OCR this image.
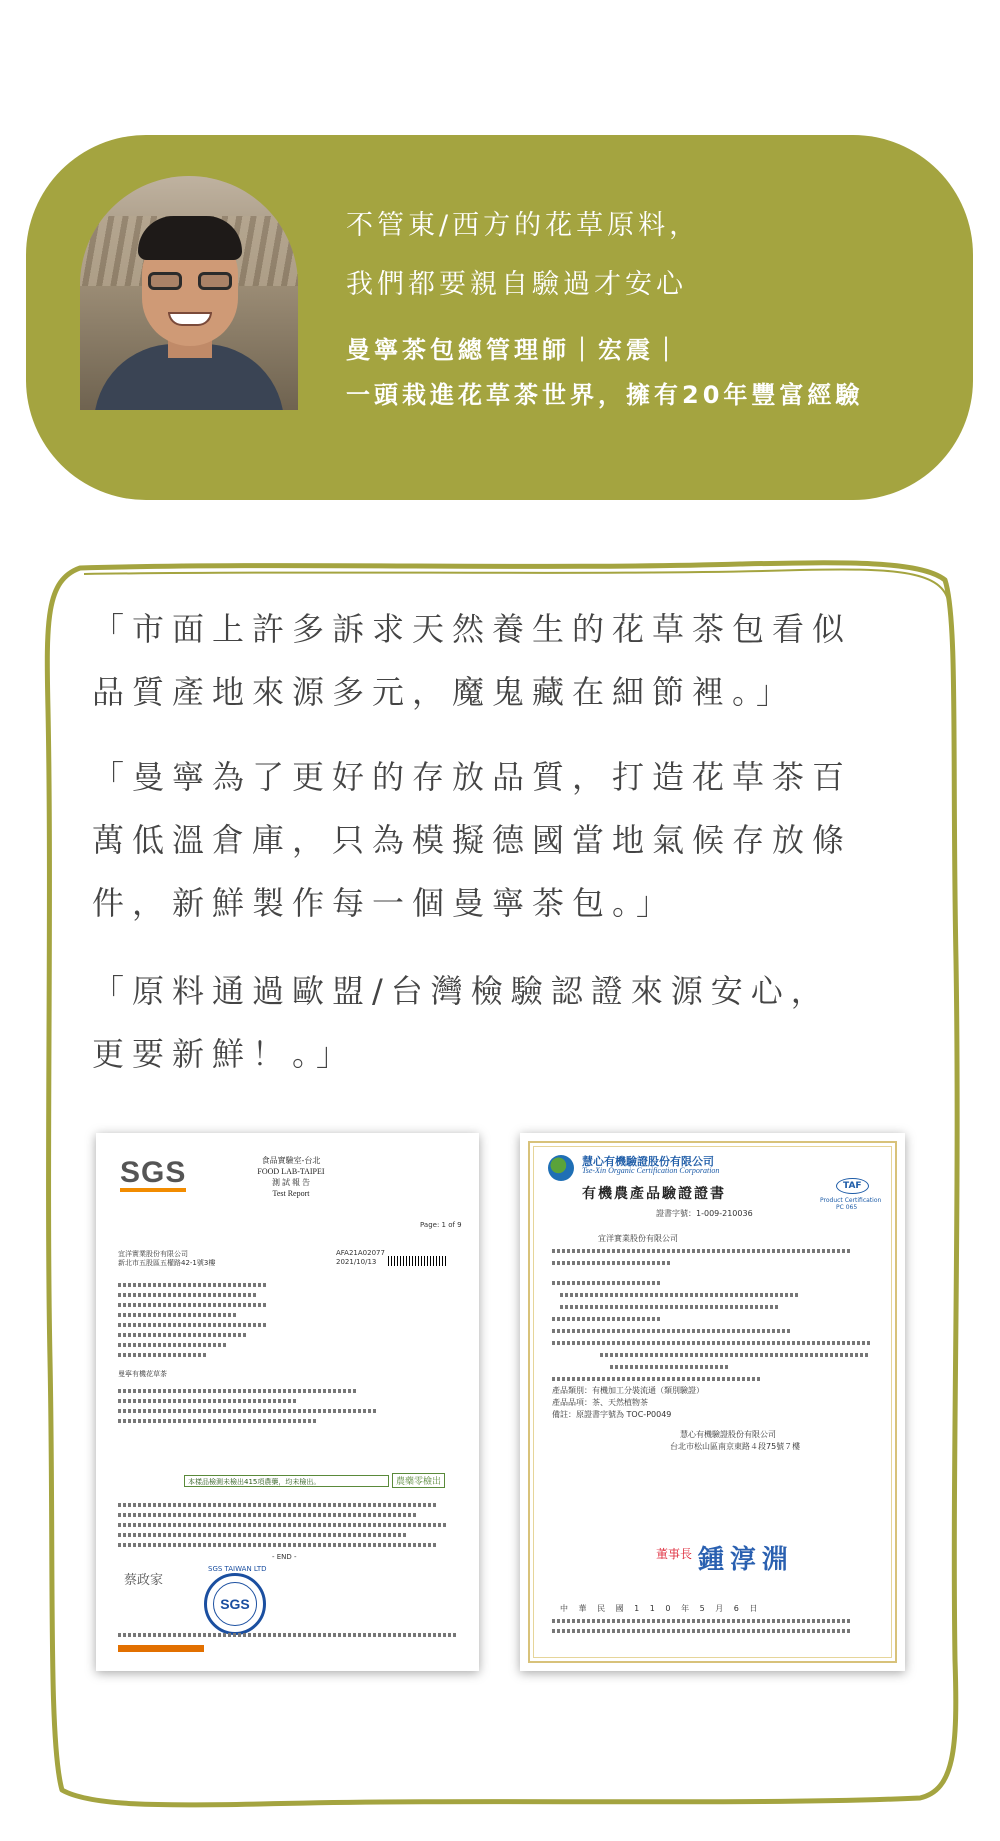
不管東/西方的花草原料，
我們都要親自驗過才安心
曼寧茶包總管理師｜宏震｜
一頭栽進花草茶世界，擁有20年豐富經驗
「市面上許多訴求天然養生的花草茶包看似
品質產地來源多元，魔鬼藏在細節裡。」
「曼寧為了更好的存放品質，打造花草茶百
萬低溫倉庫，只為模擬德國當地氣候存放條
件，新鮮製作每一個曼寧茶包。」
「原料通過歐盟/台灣檢驗認證來源安心，
更要新鮮！。」
SGS	食品實驗室-台北
FOOD LAB-TAIPEI
測 試 報 告
Test Report
Page: 1 of 9
宜洋實業股份有限公司
新北市五股區五權路42-1號3樓
AFA21A02077
2021/10/13
曼寧有機花草茶
本樣品檢測未檢出415項農藥，均未檢出。	農藥零檢出
- END -
蔡政家
SGS
SGS TAIWAN LTD
慧心有機驗證股份有限公司
Tse-Xin Organic Certification Corporation
有機農產品驗證證書	TAF
Product Certification
PC 065
證書字號：1-009-210036
宜洋實業股份有限公司
產品類別：有機加工分裝流通（類別驗證）
產品品項：茶、天然植物茶
備註：原證書字號為 TOC-P0049
慧心有機驗證股份有限公司
台北市松山區南京東路４段75號７樓
董事長 鍾淳淵
中 華 民 國 1 1 0 年 5 月 6 日
